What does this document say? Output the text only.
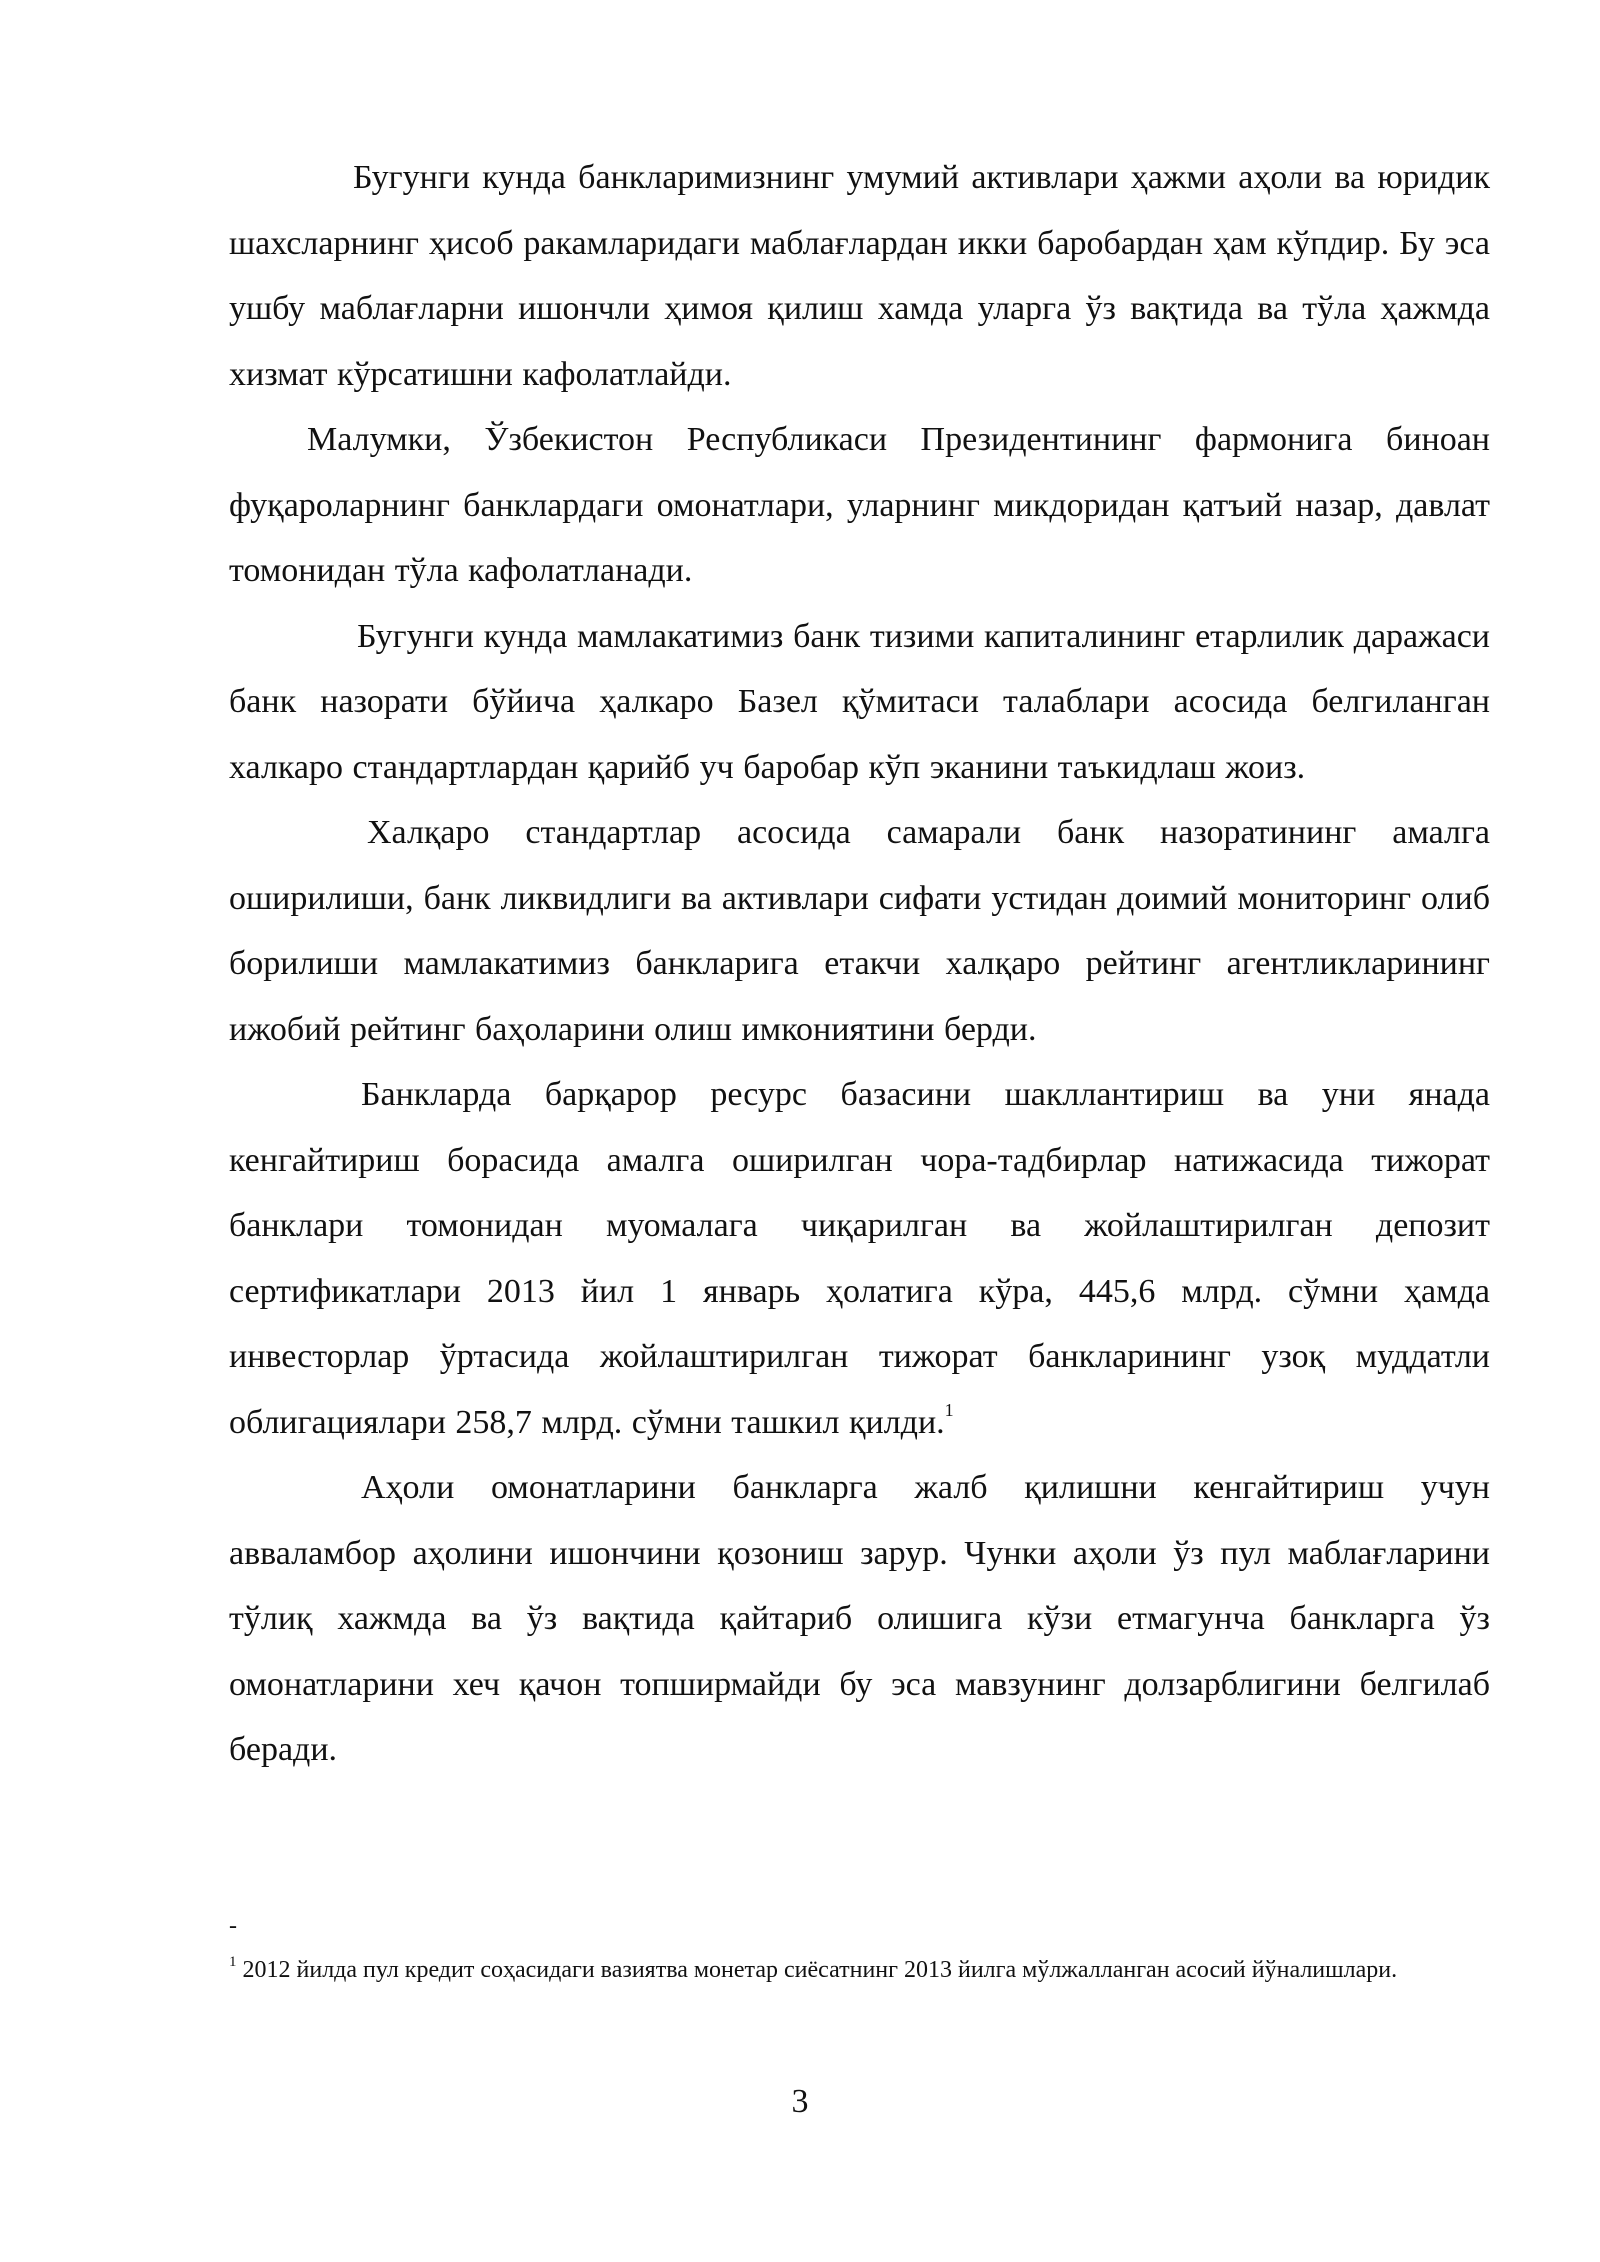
Бугунги кунда банкларимизнинг умумий активлари ҳажми аҳоли ва юридик шахсларнинг ҳисоб ракамларидаги маблағлардан икки баробардан ҳам кўпдир. Бу эса ушбу маблағларни ишончли ҳимоя қилиш хамда уларга ўз вақтида ва тўла ҳажмда хизмат кўрсатишни кафолатлайди.

Малумки, Ўзбекистон Республикаси Президентининг фармонига биноан фуқароларнинг банклардаги омонатлари, уларнинг микдоридан қатъий назар, давлат томонидан тўла кафолатланади.

Бугунги кунда мамлакатимиз банк тизими капиталининг етарлилик даражаси банк назорати бўйича ҳалкаро Базел қўмитаси талаблари асосида белгиланган халкаро стандартлардан қарийб уч баробар кўп эканини таъкидлаш жоиз.

Халқаро стандартлар асосида самарали банк назоратининг амалга оширилиши, банк ликвидлиги ва активлари сифати устидан доимий мониторинг олиб борилиши мамлакатимиз банкларига етакчи халқаро рейтинг агентликларининг ижобий рейтинг баҳоларини олиш имкониятини берди.

Банкларда барқарор ресурс базасини шакллантириш ва уни янада кенгайтириш борасида амалга оширилган чора-тадбирлар натижасида тижорат банклари томонидан муомалага чиқарилган ва жойлаштирилган депозит сертификатлари 2013 йил 1 январь ҳолатига кўра, 445,6 млрд. сўмни ҳамда инвесторлар ўртасида жойлаштирилган тижорат банкларининг узоқ муддатли облигациялари 258,7 млрд. сўмни ташкил қилди.$^1$

Аҳоли омонатларини банкларга жалб қилишни кенгайтириш учун авваламбор аҳолини ишончини қозониш зарур. Чунки аҳоли ўз пул маблағларини тўлиқ хажмда ва ўз вақтида қайтариб олишига кўзи етмагунча банкларга ўз омонатларини хеч қачон топширмайди бу эса мавзунинг долзарблигини белгилаб беради.

-

$^1$ 2012 йилда пул кредит соҳасидаги вазиятва монетар сиёсатнинг 2013 йилга мўлжалланган асосий йўналишлари.

3
